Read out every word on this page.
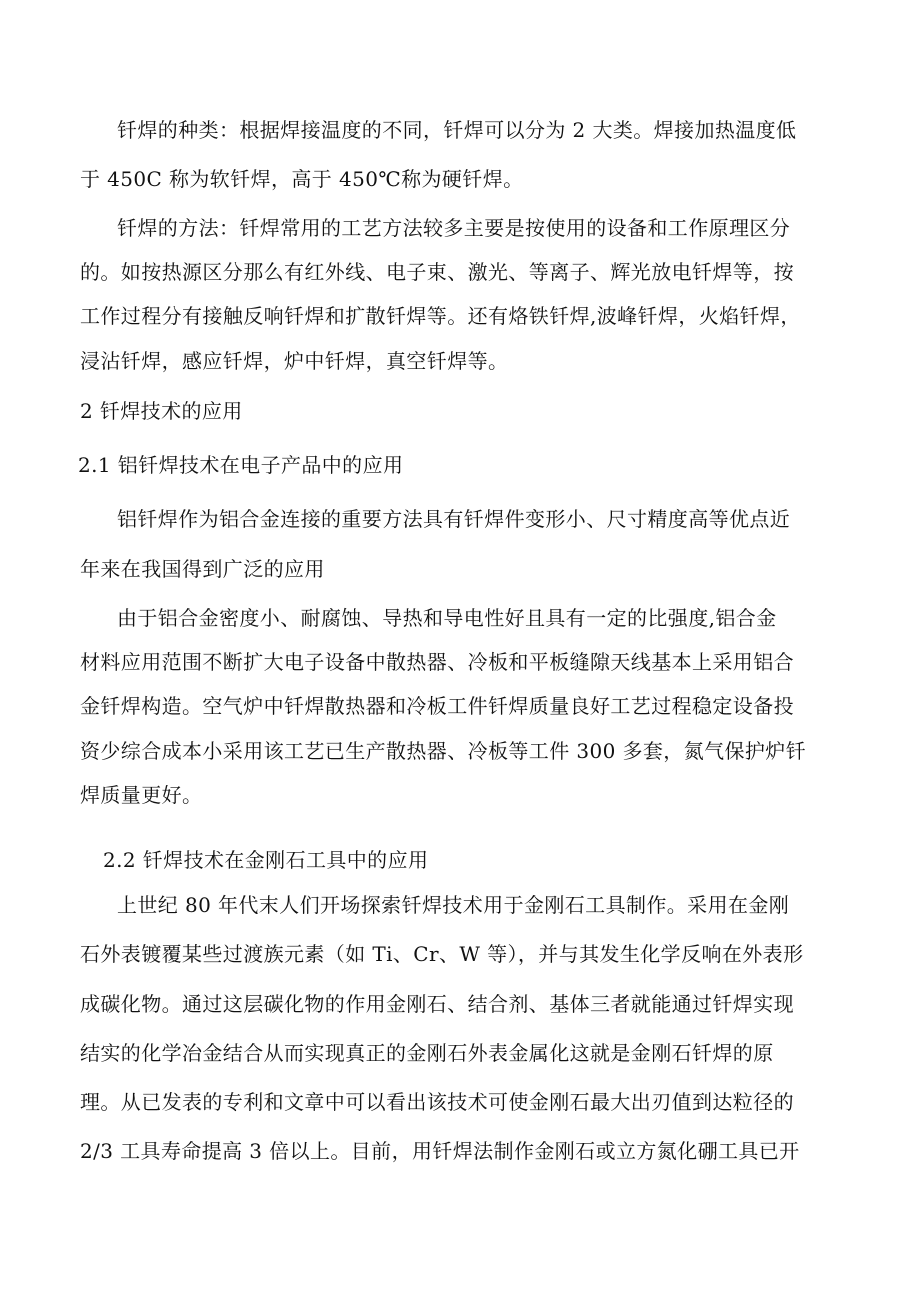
钎焊的种类：根据焊接温度的不同，钎焊可以分为 2 大类。焊接加热温度低
于 450C 称为软钎焊，高于 450℃称为硬钎焊。
钎焊的方法：钎焊常用的工艺方法较多主要是按使用的设备和工作原理区分
的。如按热源区分那么有红外线、电子束、激光、等离子、辉光放电钎焊等，按
工作过程分有接触反响钎焊和扩散钎焊等。还有烙铁钎焊,波峰钎焊，火焰钎焊，
浸沾钎焊，感应钎焊，炉中钎焊，真空钎焊等。
2 钎焊技术的应用
2.1 铝钎焊技术在电子产品中的应用
铝钎焊作为铝合金连接的重要方法具有钎焊件变形小、尺寸精度高等优点近
年来在我国得到广泛的应用
由于铝合金密度小、耐腐蚀、导热和导电性好且具有一定的比强度,铝合金
材料应用范围不断扩大电子设备中散热器、冷板和平板缝隙天线基本上采用铝合
金钎焊构造。空气炉中钎焊散热器和冷板工件钎焊质量良好工艺过程稳定设备投
资少综合成本小采用该工艺已生产散热器、冷板等工件 300 多套，氮气保护炉钎
焊质量更好。
2.2 钎焊技术在金刚石工具中的应用
上世纪 80 年代末人们开场探索钎焊技术用于金刚石工具制作。采用在金刚
石外表镀覆某些过渡族元素（如 Ti、Cr、W 等），并与其发生化学反响在外表形
成碳化物。通过这层碳化物的作用金刚石、结合剂、基体三者就能通过钎焊实现
结实的化学冶金结合从而实现真正的金刚石外表金属化这就是金刚石钎焊的原
理。从已发表的专利和文章中可以看出该技术可使金刚石最大出刃值到达粒径的
2/3 工具寿命提高 3 倍以上。目前，用钎焊法制作金刚石或立方氮化硼工具已开
